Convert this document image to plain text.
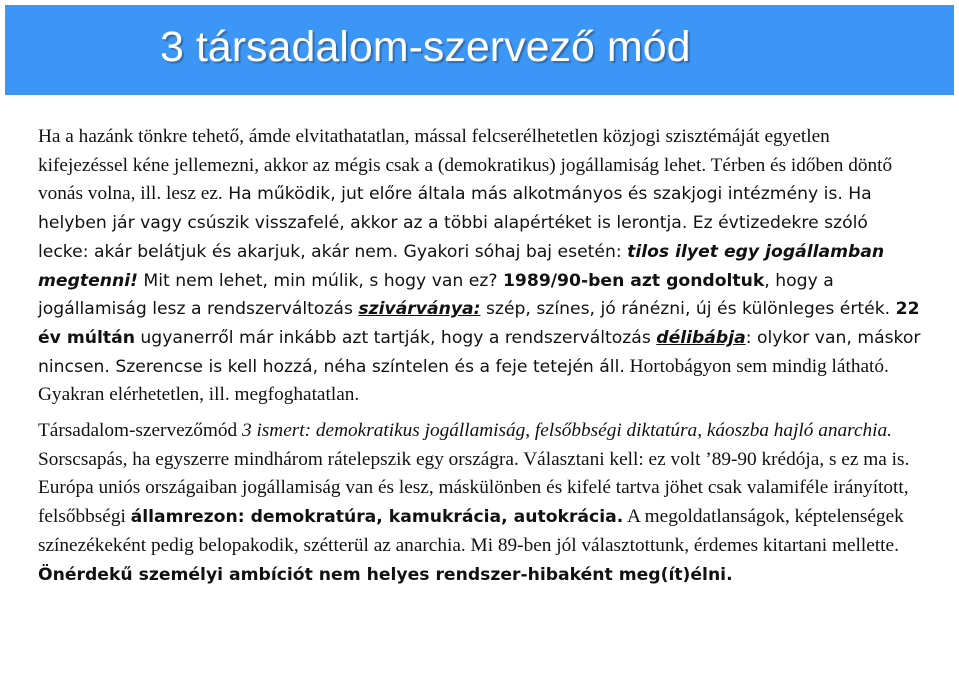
3 társadalom-szervező mód

Ha a hazánk tönkre tehető, ámde elvitathatatlan, mással felcserélhetetlen közjogi szisztémáját egyetlen kifejezéssel kéne jellemezni, akkor az mégis csak a (demokratikus) jogállamiság lehet. Térben és időben döntő vonás volna, ill. lesz ez. Ha működik, jut előre általa más alkotmányos és szakjogi intézmény is. Ha helyben jár vagy csúszik visszafelé, akkor az a többi alapértéket is lerontja. Ez évtizedekre szóló lecke: akár belátjuk és akarjuk, akár nem. Gyakori sóhaj baj esetén: tilos ilyet egy jogállamban megtenni! Mit nem lehet, min múlik, s hogy van ez? 1989/90-ben azt gondoltuk, hogy a jogállamiság lesz a rendszerváltozás szivárványa: szép, színes, jó ránézni, új és különleges érték. 22 év múltán ugyanerről már inkább azt tartják, hogy a rendszerváltozás délibábja: olykor van, máskor nincsen. Szerencse is kell hozzá, néha színtelen és a feje tetején áll. Hortobágyon sem mindig látható. Gyakran elérhetetlen, ill. megfoghatatlan.

Társadalom-szervezőmód 3 ismert: demokratikus jogállamiság, felsőbbségi diktatúra, káoszba hajló anarchia. Sorscsapás, ha egyszerre mindhárom rátelepszik egy országra. Választani kell: ez volt ’89-90 krédója, s ez ma is. Európa uniós országaiban jogállamiság van és lesz, máskülönben és kifelé tartva jöhet csak valamiféle irányított, felsőbbségi államrezon: demokratúra, kamukrácia, autokrácia. A megoldatlanságok, képtelenségek színezékeként pedig belopakodik, szétterül az anarchia. Mi 89-ben jól választottunk, érdemes kitartani mellette. Önérdekű személyi ambíciót nem helyes rendszer-hibaként meg(ít)élni.
